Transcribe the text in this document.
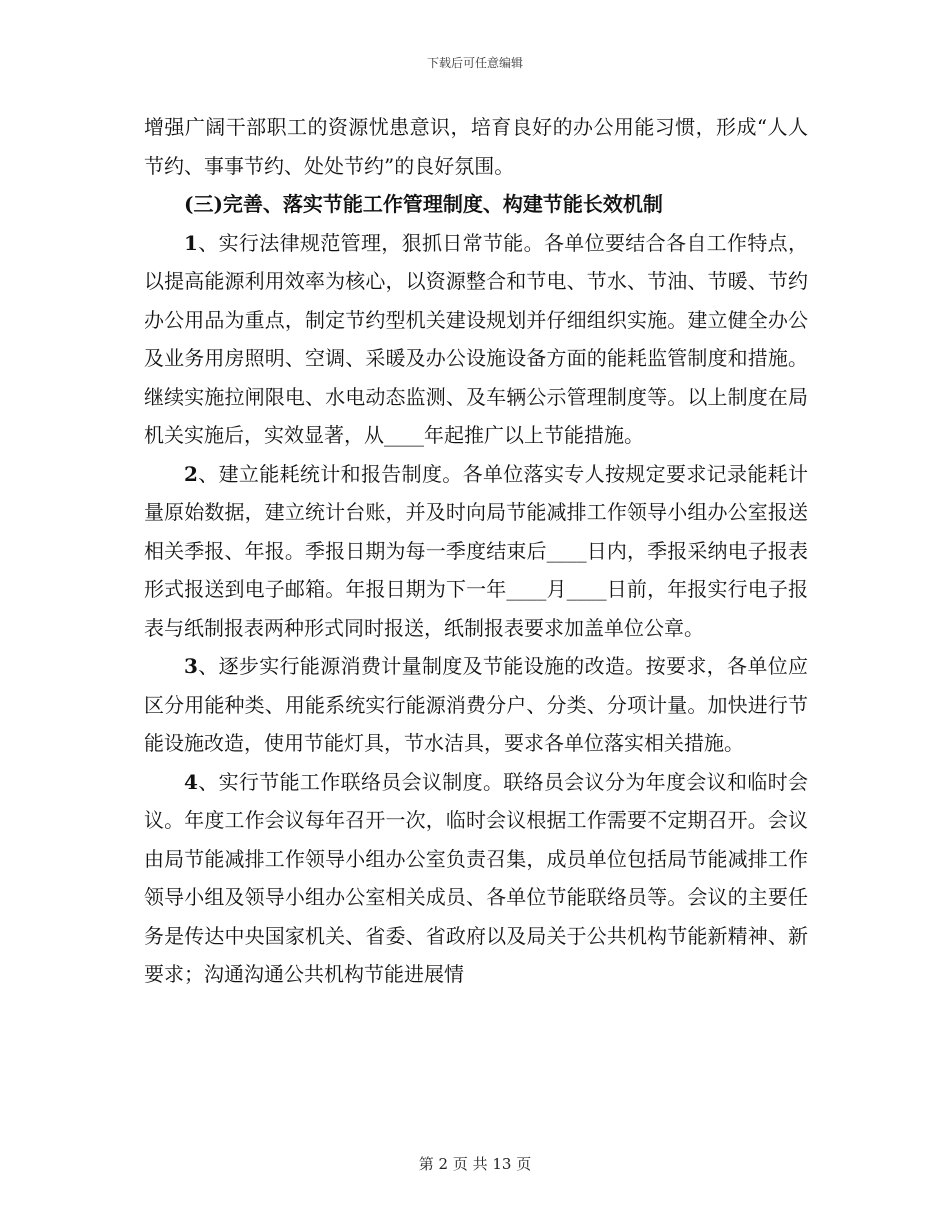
下载后可任意编辑

增强广阔干部职工的资源忧患意识，培育良好的办公用能习惯，形成“人人节约、事事节约、处处节约”的良好氛围。

(三)完善、落实节能工作管理制度、构建节能长效机制

1、实行法律规范管理，狠抓日常节能。各单位要结合各自工作特点，以提高能源利用效率为核心，以资源整合和节电、节水、节油、节暖、节约办公用品为重点，制定节约型机关建设规划并仔细组织实施。建立健全办公及业务用房照明、空调、采暖及办公设施设备方面的能耗监管制度和措施。继续实施拉闸限电、水电动态监测、及车辆公示管理制度等。以上制度在局机关实施后，实效显著，从____年起推广以上节能措施。

2、建立能耗统计和报告制度。各单位落实专人按规定要求记录能耗计量原始数据，建立统计台账，并及时向局节能减排工作领导小组办公室报送相关季报、年报。季报日期为每一季度结束后____日内，季报采纳电子报表形式报送到电子邮箱。年报日期为下一年____月____日前，年报实行电子报表与纸制报表两种形式同时报送，纸制报表要求加盖单位公章。

3、逐步实行能源消费计量制度及节能设施的改造。按要求，各单位应区分用能种类、用能系统实行能源消费分户、分类、分项计量。加快进行节能设施改造，使用节能灯具，节水洁具，要求各单位落实相关措施。

4、实行节能工作联络员会议制度。联络员会议分为年度会议和临时会议。年度工作会议每年召开一次，临时会议根据工作需要不定期召开。会议由局节能减排工作领导小组办公室负责召集，成员单位包括局节能减排工作领导小组及领导小组办公室相关成员、各单位节能联络员等。会议的主要任务是传达中央国家机关、省委、省政府以及局关于公共机构节能新精神、新要求；沟通沟通公共机构节能进展情

第 2 页 共 13 页
